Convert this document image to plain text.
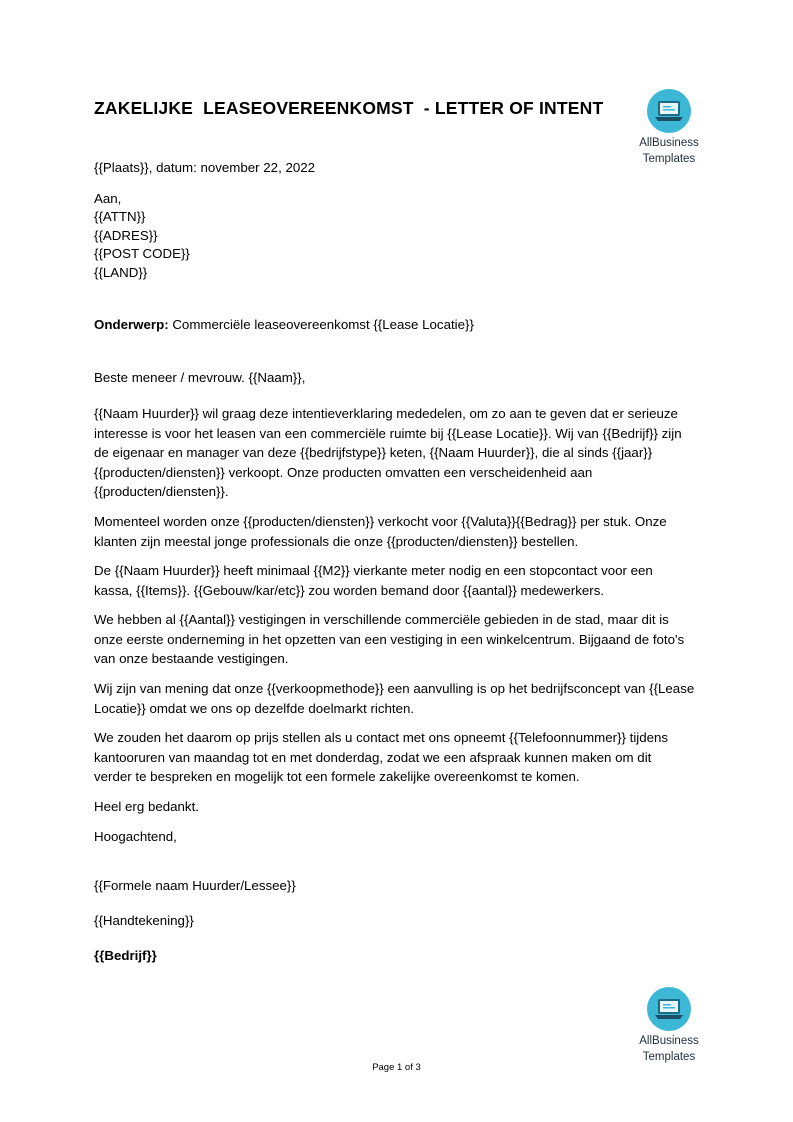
ZAKELIJKE  LEASEOVEREENKOMST  - LETTER OF INTENT
AllBusiness
Templates

{{Plaats}}, datum: november 22, 2022

Aan,

{{ATTN}}

{{ADRES}}

{{POST CODE}}

{{LAND}}

Onderwerp: Commerciële leaseovereenkomst {{Lease Locatie}}

Beste meneer / mevrouw. {{Naam}},

{{Naam Huurder}} wil graag deze intentieverklaring mededelen, om zo aan te geven dat er serieuze

interesse is voor het leasen van een commerciële ruimte bij {{Lease Locatie}}. Wij van {{Bedrijf}} zijn

de eigenaar en manager van deze {{bedrijfstype}} keten, {{Naam Huurder}}, die al sinds {{jaar}}

{{producten/diensten}} verkoopt. Onze producten omvatten een verscheidenheid aan

{{producten/diensten}}.

Momenteel worden onze {{producten/diensten}} verkocht voor {{Valuta}}{{Bedrag}} per stuk. Onze

klanten zijn meestal jonge professionals die onze {{producten/diensten}} bestellen.

De {{Naam Huurder}} heeft minimaal {{M2}} vierkante meter nodig en een stopcontact voor een

kassa, {{Items}}. {{Gebouw/kar/etc}} zou worden bemand door {{aantal}} medewerkers.

We hebben al {{Aantal}} vestigingen in verschillende commerciële gebieden in de stad, maar dit is

onze eerste onderneming in het opzetten van een vestiging in een winkelcentrum. Bijgaand de foto's

van onze bestaande vestigingen.

Wij zijn van mening dat onze {{verkoopmethode}} een aanvulling is op het bedrijfsconcept van {{Lease

Locatie}} omdat we ons op dezelfde doelmarkt richten.

We zouden het daarom op prijs stellen als u contact met ons opneemt {{Telefoonnummer}} tijdens

kantooruren van maandag tot en met donderdag, zodat we een afspraak kunnen maken om dit

verder te bespreken en mogelijk tot een formele zakelijke overeenkomst te komen.

Heel erg bedankt.

Hoogachtend,

{{Formele naam Huurder/Lessee}}

{{Handtekening}}

{{Bedrijf}}

AllBusiness
Templates
Page 1 of 3
